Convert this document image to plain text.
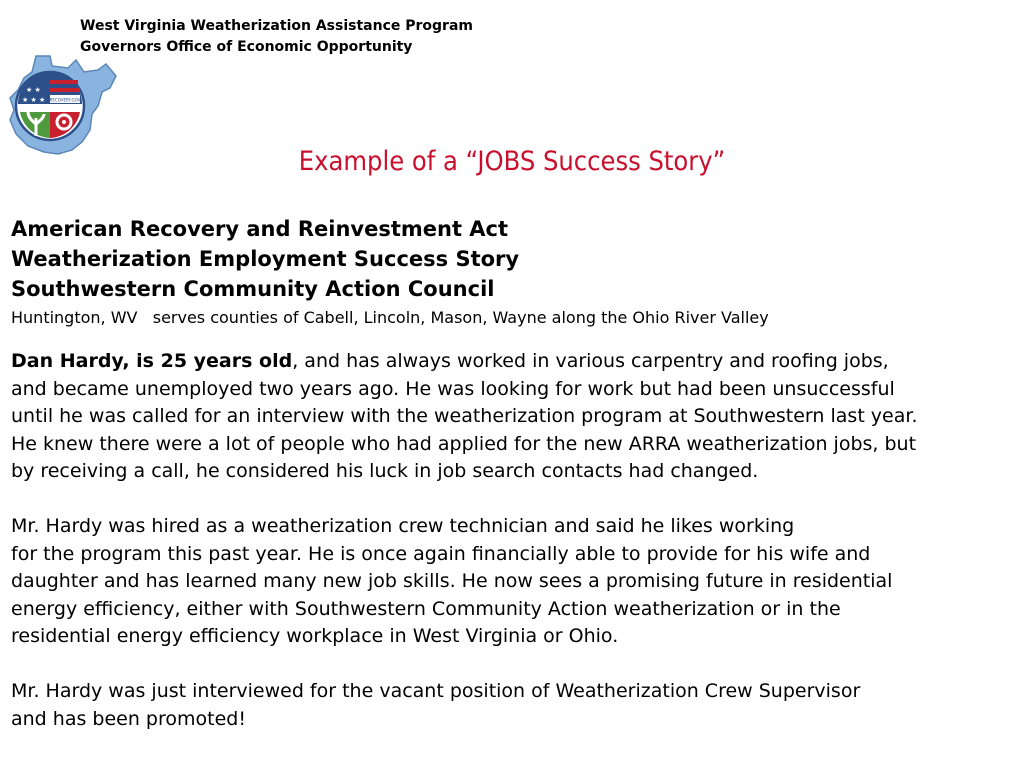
West Virginia Weatherization Assistance Program
Governors Office of Economic Opportunity
★ ★
★ ★ ★ RECOVERY.GOV
Example of a “JOBS Success Story”
American Recovery and Reinvestment Act
Weatherization Employment Success Story
Southwestern Community Action Council
Huntington, WV   serves counties of Cabell, Lincoln, Mason, Wayne along the Ohio River Valley
Dan Hardy, is 25 years old, and has always worked in various carpentry and roofing jobs,
and became unemployed two years ago. He was looking for work but had been unsuccessful
until he was called for an interview with the weatherization program at Southwestern last year.
He knew there were a lot of people who had applied for the new ARRA weatherization jobs, but
by receiving a call, he considered his luck in job search contacts had changed.
Mr. Hardy was hired as a weatherization crew technician and said he likes working
for the program this past year. He is once again financially able to provide for his wife and
daughter and has learned many new job skills. He now sees a promising future in residential
energy efficiency, either with Southwestern Community Action weatherization or in the
residential energy efficiency workplace in West Virginia or Ohio.
Mr. Hardy was just interviewed for the vacant position of Weatherization Crew Supervisor
and has been promoted!
